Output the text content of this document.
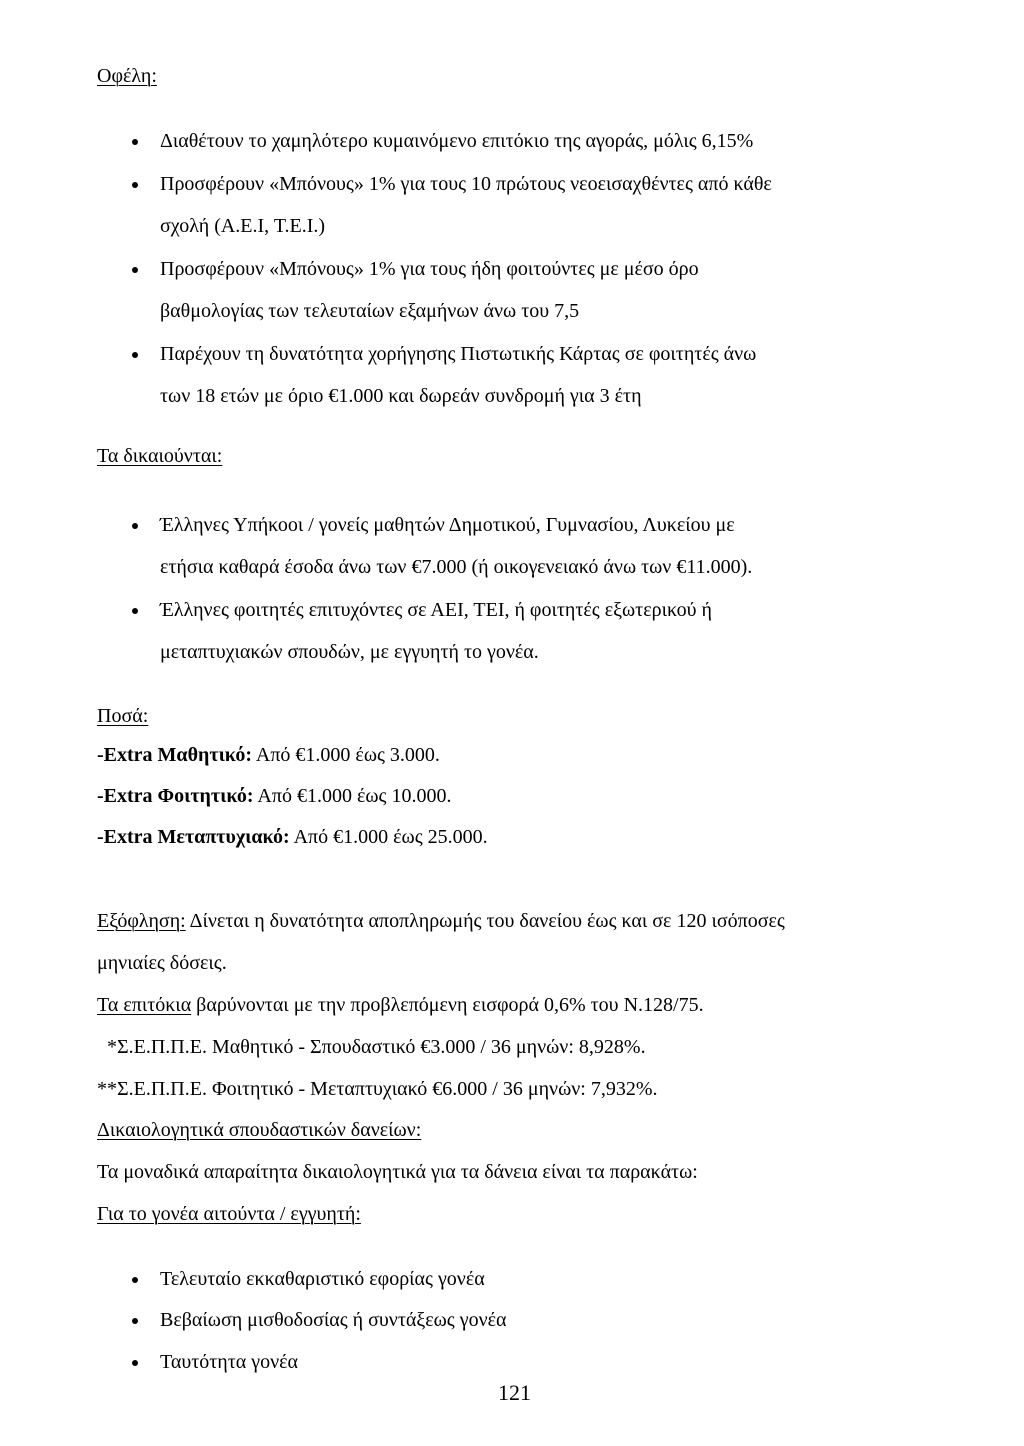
Οφέλη:
Διαθέτουν το χαμηλότερο κυμαινόμενο επιτόκιο της αγοράς, μόλις 6,15%
Προσφέρουν «Μπόνους» 1% για τους 10 πρώτους νεοεισαχθέντες από κάθε
σχολή (Α.Ε.Ι, Τ.Ε.Ι.)
Προσφέρουν «Μπόνους» 1% για τους ήδη φοιτούντες με μέσο όρο
βαθμολογίας των τελευταίων εξαμήνων άνω του 7,5
Παρέχουν τη δυνατότητα χορήγησης Πιστωτικής Κάρτας σε φοιτητές άνω
των 18 ετών με όριο €1.000 και δωρεάν συνδρομή για 3 έτη
Τα δικαιούνται:
Έλληνες Υπήκοοι / γονείς μαθητών Δημοτικού, Γυμνασίου, Λυκείου με
ετήσια καθαρά έσοδα άνω των €7.000 (ή οικογενειακό άνω των €11.000).
Έλληνες φοιτητές επιτυχόντες σε ΑΕΙ, ΤΕΙ, ή φοιτητές εξωτερικού ή
μεταπτυχιακών σπουδών, με εγγυητή το γονέα.
Ποσά:
-Extra Μαθητικό: Από €1.000 έως 3.000.
-Extra Φοιτητικό: Από €1.000 έως 10.000.
-Extra Μεταπτυχιακό: Από €1.000 έως 25.000.
Εξόφληση: Δίνεται η δυνατότητα αποπληρωμής του δανείου έως και σε 120 ισόποσες
μηνιαίες δόσεις.
Τα επιτόκια βαρύνονται με την προβλεπόμενη εισφορά 0,6% του Ν.128/75.
*Σ.Ε.Π.Π.Ε. Μαθητικό - Σπουδαστικό €3.000 / 36 μηνών: 8,928%.
**Σ.Ε.Π.Π.Ε. Φοιτητικό - Μεταπτυχιακό €6.000 / 36 μηνών: 7,932%.
Δικαιολογητικά σπουδαστικών δανείων:
Τα μοναδικά απαραίτητα δικαιολογητικά για τα δάνεια είναι τα παρακάτω:
Για το γονέα αιτούντα / εγγυητή:
Τελευταίο εκκαθαριστικό εφορίας γονέα
Βεβαίωση μισθοδοσίας ή συντάξεως γονέα
Ταυτότητα γονέα
121
